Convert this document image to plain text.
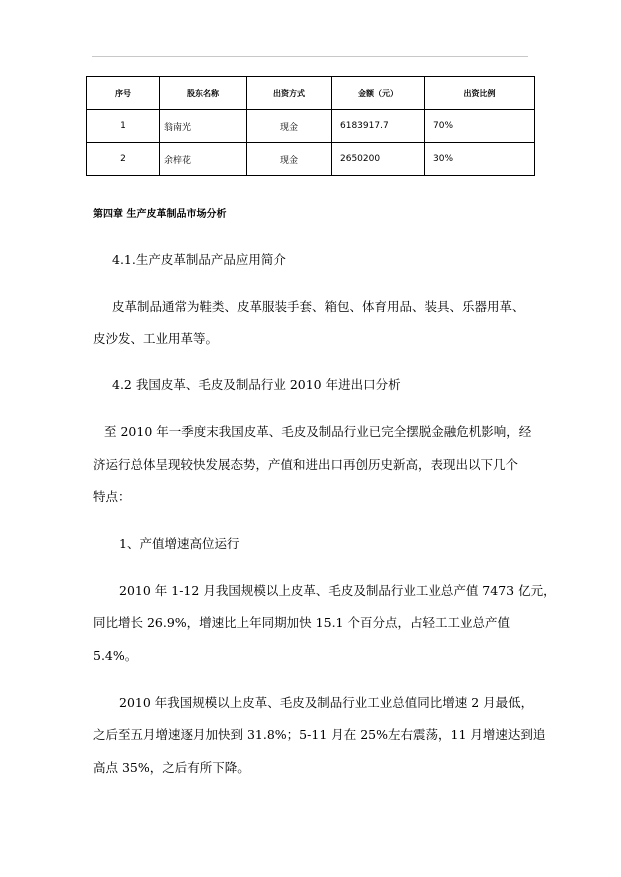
序号	股东名称	出资方式	金额（元）	出资比例
1	翁南光	现金	6183917.7	70%
2	余梓花	现金	2650200	30%
第四章 生产皮革制品市场分析
4.1.生产皮革制品产品应用简介
皮革制品通常为鞋类、皮革服装手套、箱包、体育用品、装具、乐器用革、
皮沙发、工业用革等。
4.2 我国皮革、毛皮及制品行业 2010 年进出口分析
至 2010 年一季度末我国皮革、毛皮及制品行业已完全摆脱金融危机影响，经
济运行总体呈现较快发展态势，产值和进出口再创历史新高，表现出以下几个
特点：
1、产值增速高位运行
2010 年 1-12 月我国规模以上皮革、毛皮及制品行业工业总产值 7473 亿元，
同比增长 26.9%，增速比上年同期加快 15.1 个百分点，占轻工工业总产值
5.4%。
2010 年我国规模以上皮革、毛皮及制品行业工业总值同比增速 2 月最低，
之后至五月增速逐月加快到 31.8%；5-11 月在 25%左右震荡，11 月增速达到追
高点 35%，之后有所下降。
